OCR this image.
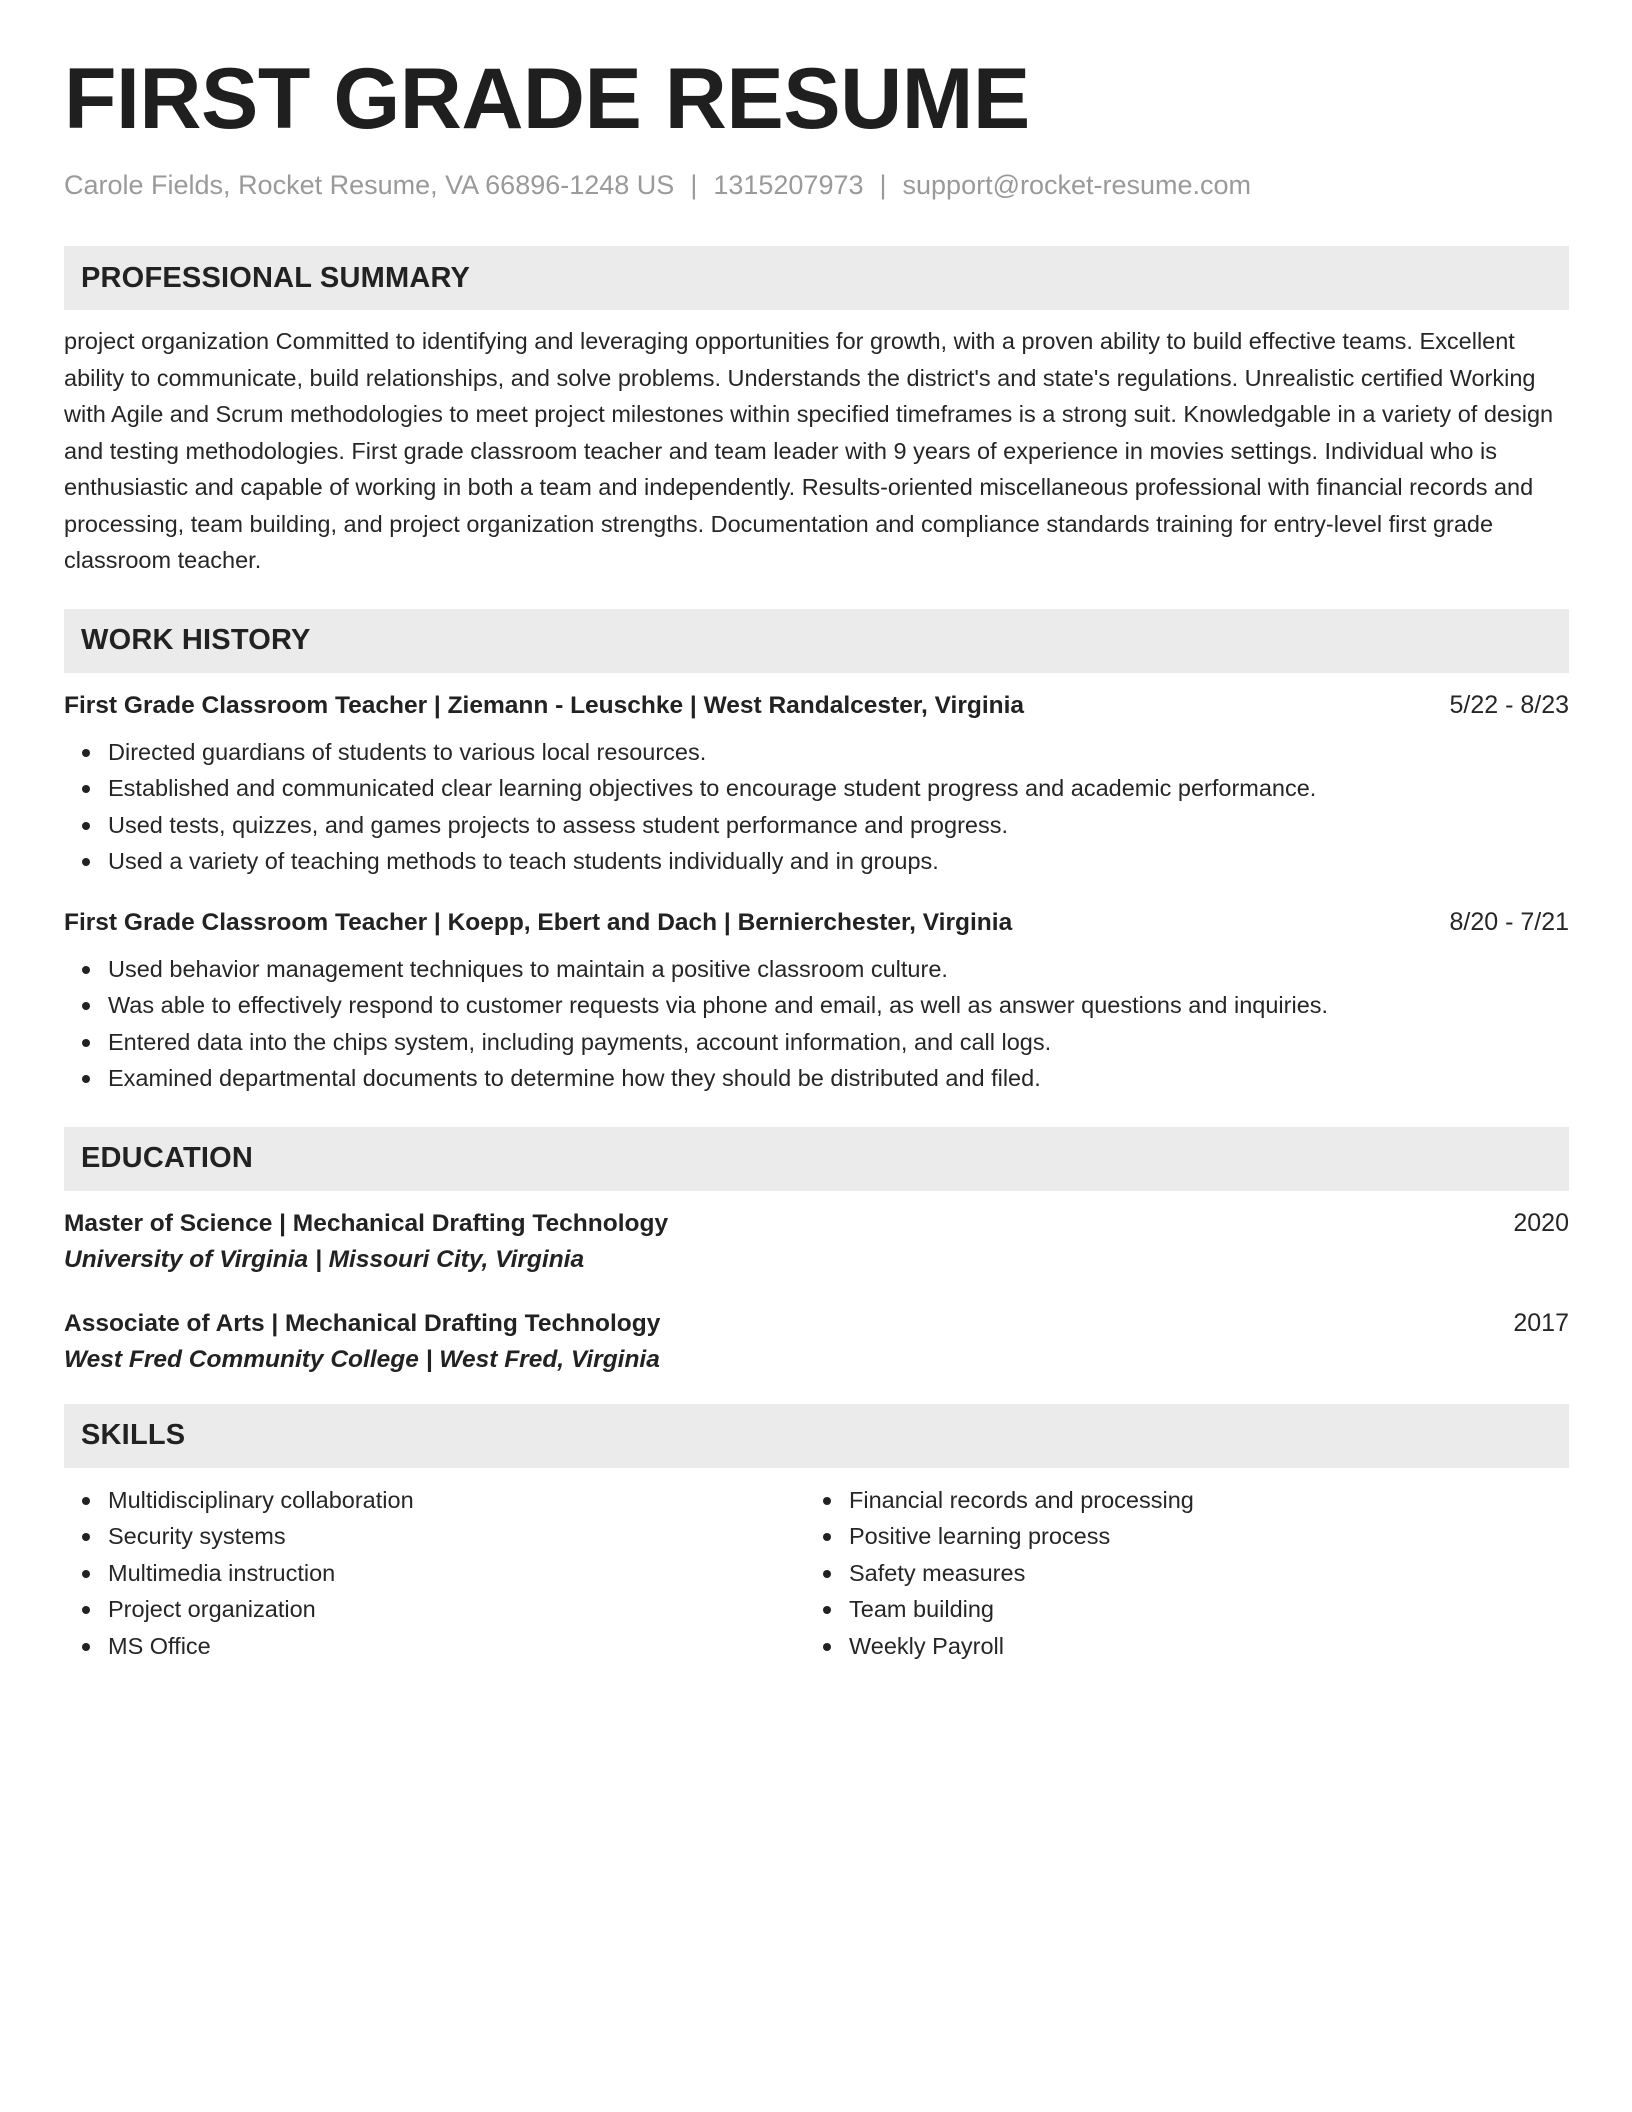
FIRST GRADE RESUME
Carole Fields, Rocket Resume, VA 66896-1248 US | 1315207973 | support@rocket-resume.com
PROFESSIONAL SUMMARY

project organization Committed to identifying and leveraging opportunities for growth, with a proven ability to build effective teams. Excellent ability to communicate, build relationships, and solve problems. Understands the district's and state's regulations. Unrealistic certified Working with Agile and Scrum methodologies to meet project milestones within specified timeframes is a strong suit. Knowledgable in a variety of design and testing methodologies. First grade classroom teacher and team leader with 9 years of experience in movies settings. Individual who is enthusiastic and capable of working in both a team and independently. Results-oriented miscellaneous professional with financial records and processing, team building, and project organization strengths. Documentation and compliance standards training for entry-level first grade classroom teacher.

WORK HISTORY
First Grade Classroom Teacher | Ziemann - Leuschke | West Randalcester, Virginia	5/22 - 8/23
Directed guardians of students to various local resources.
Established and communicated clear learning objectives to encourage student progress and academic performance.
Used tests, quizzes, and games projects to assess student performance and progress.
Used a variety of teaching methods to teach students individually and in groups.
First Grade Classroom Teacher | Koepp, Ebert and Dach | Bernierchester, Virginia	8/20 - 7/21
Used behavior management techniques to maintain a positive classroom culture.
Was able to effectively respond to customer requests via phone and email, as well as answer questions and inquiries.
Entered data into the chips system, including payments, account information, and call logs.
Examined departmental documents to determine how they should be distributed and filed.
EDUCATION
Master of Science | Mechanical Drafting Technology	2020
University of Virginia | Missouri City, Virginia
Associate of Arts | Mechanical Drafting Technology	2017
West Fred Community College | West Fred, Virginia
SKILLS
Multidisciplinary collaboration
Security systems
Multimedia instruction
Project organization
MS Office
Financial records and processing
Positive learning process
Safety measures
Team building
Weekly Payroll
